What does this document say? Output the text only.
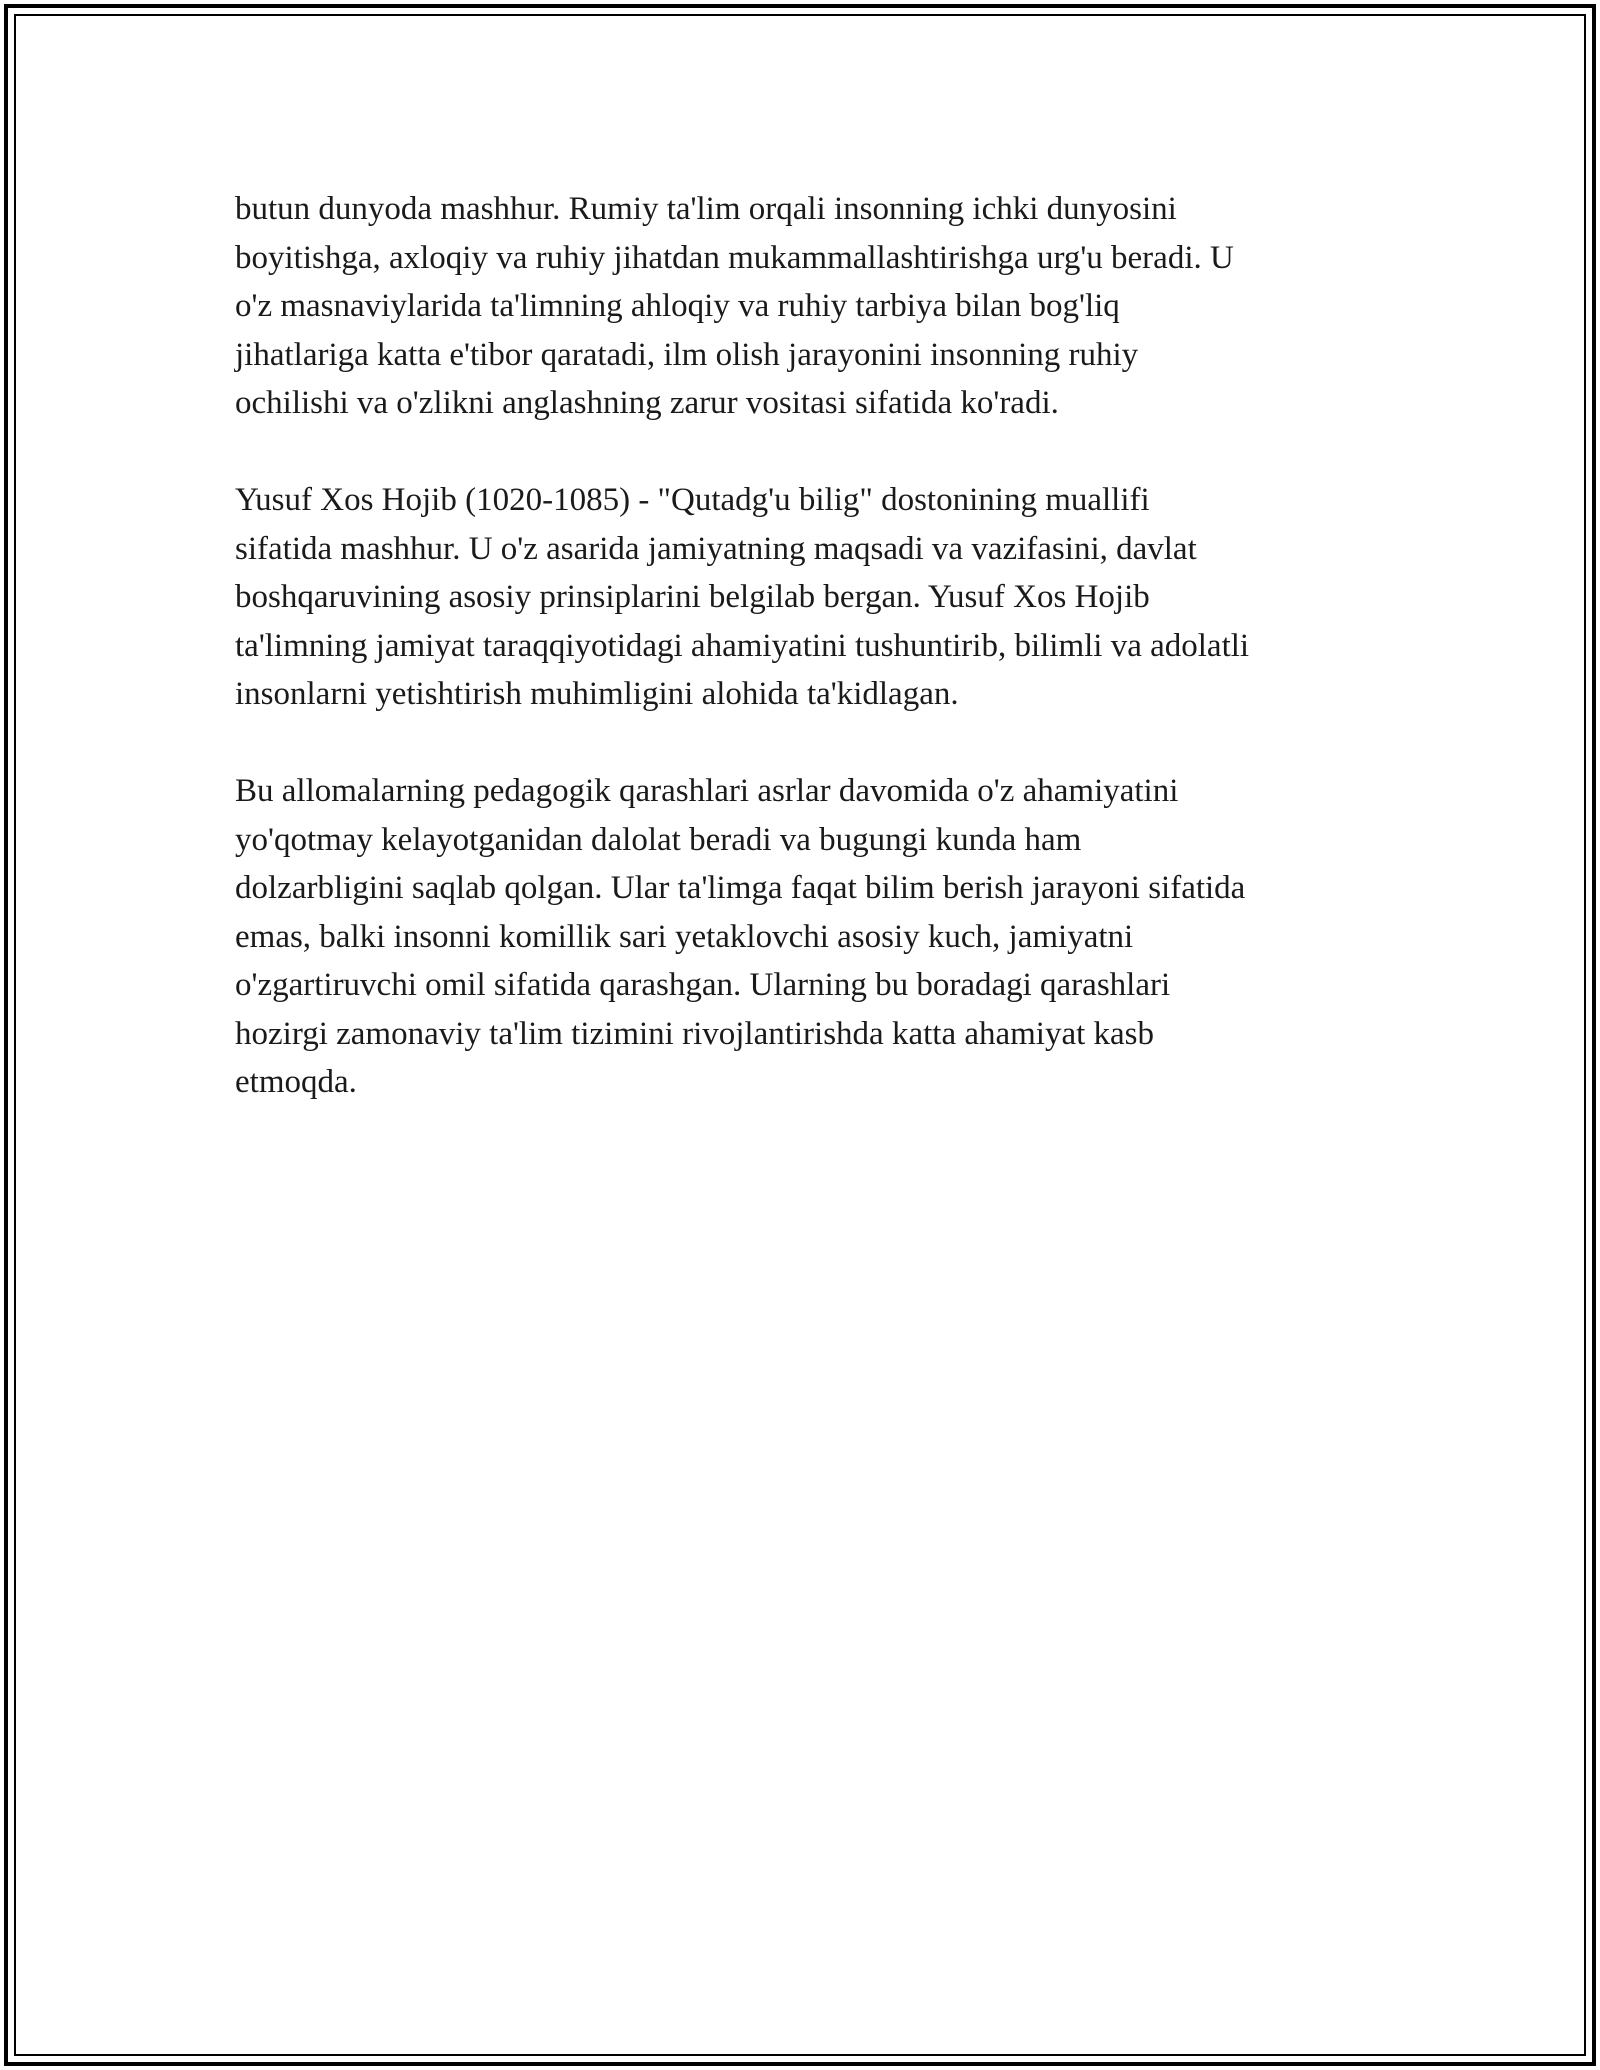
butun dunyoda mashhur. Rumiy ta'lim orqali insonning ichki dunyosini
boyitishga, axloqiy va ruhiy jihatdan mukammallashtirishga urg'u beradi. U
o'z masnaviylarida ta'limning ahloqiy va ruhiy tarbiya bilan bog'liq
jihatlariga katta e'tibor qaratadi, ilm olish jarayonini insonning ruhiy
ochilishi va o'zlikni anglashning zarur vositasi sifatida ko'radi.

Yusuf Xos Hojib (1020-1085) - "Qutadg'u bilig" dostonining muallifi
sifatida mashhur. U o'z asarida jamiyatning maqsadi va vazifasini, davlat
boshqaruvining asosiy prinsiplarini belgilab bergan. Yusuf Xos Hojib
ta'limning jamiyat taraqqiyotidagi ahamiyatini tushuntirib, bilimli va adolatli
insonlarni yetishtirish muhimligini alohida ta'kidlagan.

Bu allomalarning pedagogik qarashlari asrlar davomida o'z ahamiyatini
yo'qotmay kelayotganidan dalolat beradi va bugungi kunda ham
dolzarbligini saqlab qolgan. Ular ta'limga faqat bilim berish jarayoni sifatida
emas, balki insonni komillik sari yetaklovchi asosiy kuch, jamiyatni
o'zgartiruvchi omil sifatida qarashgan. Ularning bu boradagi qarashlari
hozirgi zamonaviy ta'lim tizimini rivojlantirishda katta ahamiyat kasb
etmoqda.
